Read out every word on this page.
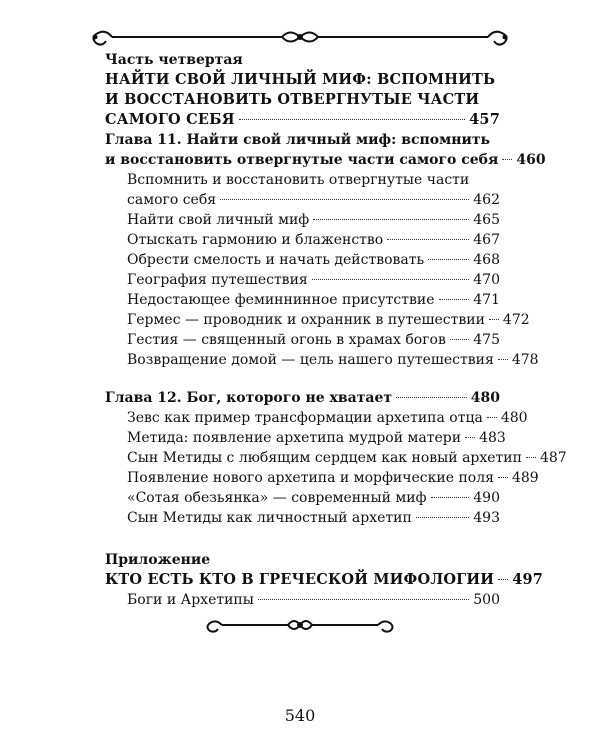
Часть четвертая
НАЙТИ СВОЙ ЛИЧНЫЙ МИФ: ВСПОМНИТЬ
И ВОССТАНОВИТЬ ОТВЕРГНУТЫЕ ЧАСТИ
САМОГО СЕБЯ	457
Глава 11. Найти свой личный миф: вспомнить
и восстановить отвергнутые части самого себя 460
Вспомнить и восстановить отвергнутые части
самого себя	462
Найти свой личный миф	465
Отыскать гармонию и блаженство	467
Обрести смелость и начать действовать	468
География путешествия	470
Недостающее феминнинное присутствие	471
Гермес — проводник и охранник в путешествии 472
Гестия — священный огонь в храмах богов 475
Возвращение домой — цель нашего путешествия 478
Глава 12. Бог, которого не хватает	480
Зевс как пример трансформации архетипа отца 480
Метида: появление архетипа мудрой матери 483
Сын Метиды с любящим сердцем как новый архетип 487
Появление нового архетипа и морфические поля 489
«Сотая обезьянка» — современный миф	490
Сын Метиды как личностный архетип	493
Приложение
КТО ЕСТЬ КТО В ГРЕЧЕСКОЙ МИФОЛОГИИ 497
Боги и Архетипы	500
540
